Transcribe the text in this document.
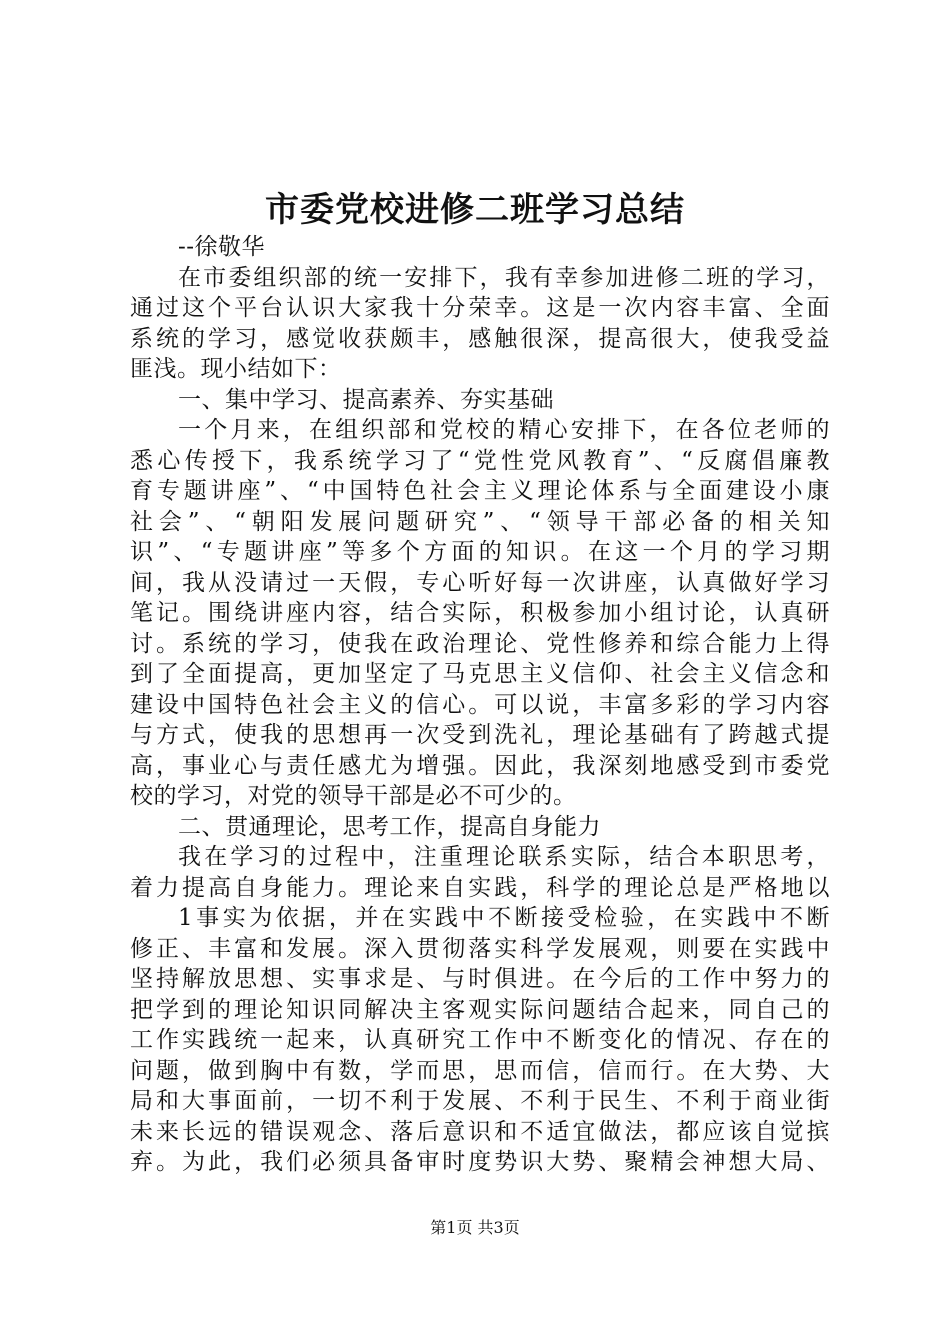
市委党校进修二班学习总结
--徐敬华
在市委组织部的统一安排下，我有幸参加进修二班的学习，
通过这个平台认识大家我十分荣幸。这是一次内容丰富、全面
系统的学习，感觉收获颇丰，感触很深，提高很大，使我受益
匪浅。现小结如下：
一、集中学习、提高素养、夯实基础
一个月来，在组织部和党校的精心安排下，在各位老师的
悉心传授下，我系统学习了“党性党风教育”、“反腐倡廉教
育专题讲座”、“中国特色社会主义理论体系与全面建设小康
社会”、“朝阳发展问题研究”、“领导干部必备的相关知
识”、“专题讲座”等多个方面的知识。在这一个月的学习期
间，我从没请过一天假，专心听好每一次讲座，认真做好学习
笔记。围绕讲座内容，结合实际，积极参加小组讨论，认真研
讨。系统的学习，使我在政治理论、党性修养和综合能力上得
到了全面提高，更加坚定了马克思主义信仰、社会主义信念和
建设中国特色社会主义的信心。可以说，丰富多彩的学习内容
与方式，使我的思想再一次受到洗礼，理论基础有了跨越式提
高，事业心与责任感尤为增强。因此，我深刻地感受到市委党
校的学习，对党的领导干部是必不可少的。
二、贯通理论，思考工作，提高自身能力
我在学习的过程中，注重理论联系实际，结合本职思考，
着力提高自身能力。理论来自实践，科学的理论总是严格地以
1事实为依据，并在实践中不断接受检验，在实践中不断
修正、丰富和发展。深入贯彻落实科学发展观，则要在实践中
坚持解放思想、实事求是、与时俱进。在今后的工作中努力的
把学到的理论知识同解决主客观实际问题结合起来，同自己的
工作实践统一起来，认真研究工作中不断变化的情况、存在的
问题，做到胸中有数，学而思，思而信，信而行。在大势、大
局和大事面前，一切不利于发展、不利于民生、不利于商业街
未来长远的错误观念、落后意识和不适宜做法，都应该自觉摈
弃。为此，我们必须具备审时度势识大势、聚精会神想大局、
第1页 共3页
